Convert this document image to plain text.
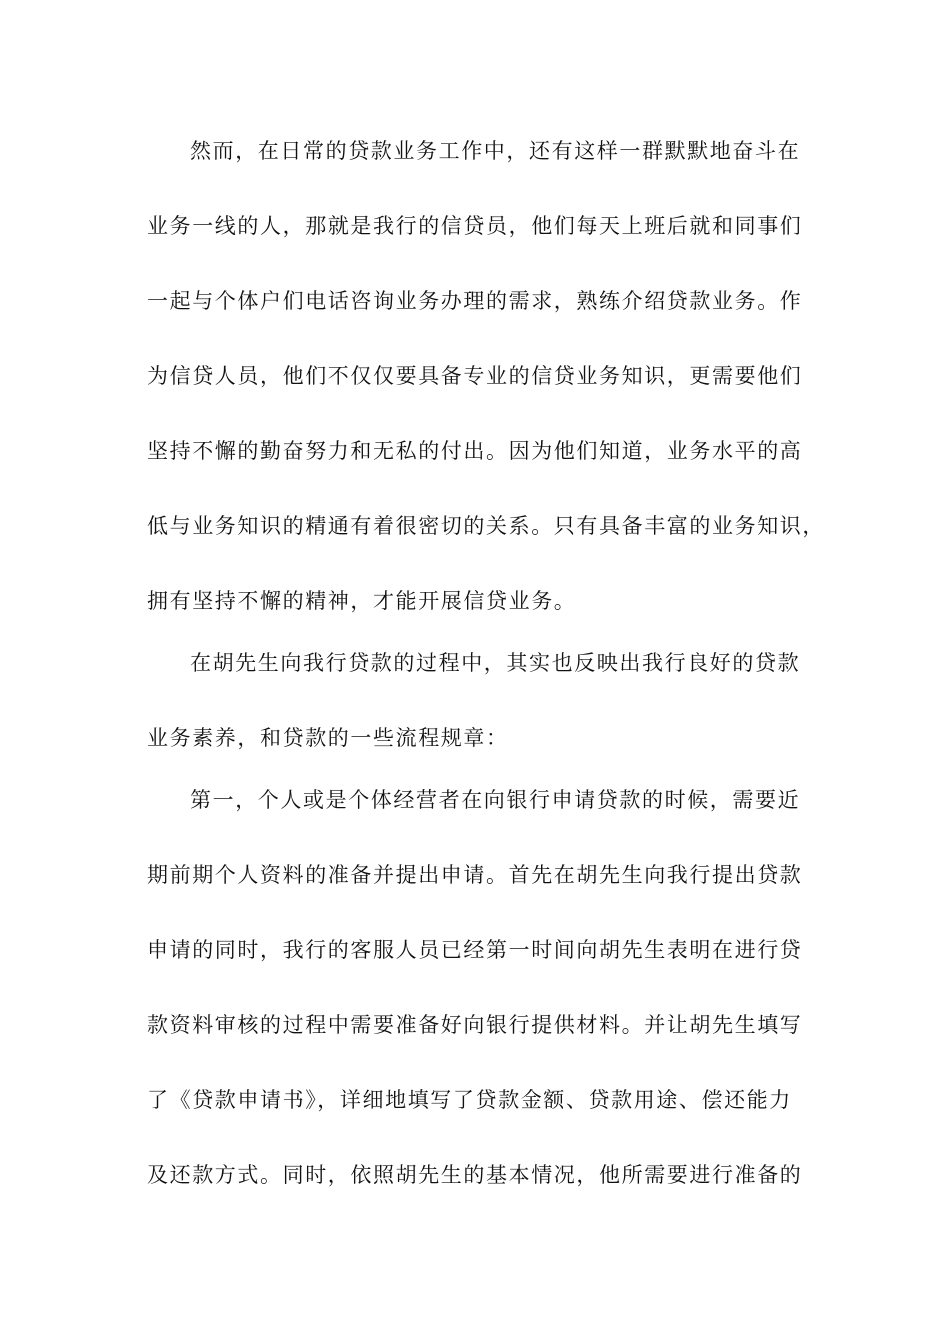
然而，在日常的贷款业务工作中，还有这样一群默默地奋斗在

业务一线的人，那就是我行的信贷员，他们每天上班后就和同事们

一起与个体户们电话咨询业务办理的需求，熟练介绍贷款业务。作

为信贷人员，他们不仅仅要具备专业的信贷业务知识，更需要他们

坚持不懈的勤奋努力和无私的付出。因为他们知道，业务水平的高

低与业务知识的精通有着很密切的关系。只有具备丰富的业务知识，

拥有坚持不懈的精神，才能开展信贷业务。

在胡先生向我行贷款的过程中，其实也反映出我行良好的贷款

业务素养，和贷款的一些流程规章：

第一，个人或是个体经营者在向银行申请贷款的时候，需要近

期前期个人资料的准备并提出申请。首先在胡先生向我行提出贷款

申请的同时，我行的客服人员已经第一时间向胡先生表明在进行贷

款资料审核的过程中需要准备好向银行提供材料。并让胡先生填写

了《贷款申请书》，详细地填写了贷款金额、贷款用途、偿还能力

及还款方式。同时，依照胡先生的基本情况，他所需要进行准备的
